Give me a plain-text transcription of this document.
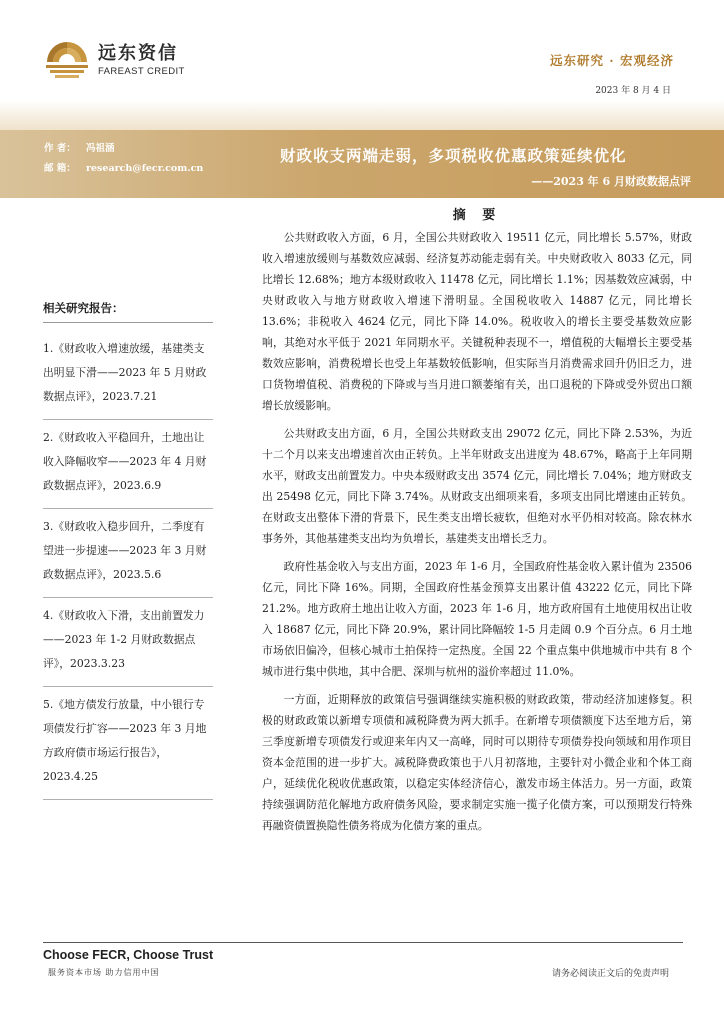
远东资信
FAREAST CREDIT
远东研究 · 宏观经济
2023 年 8 月 4 日
作 者： 冯祖涵
邮 箱： research@fecr.com.cn
财政收支两端走弱，多项税收优惠政策延续优化
——2023 年 6 月财政数据点评
相关研究报告：
1.《财政收入增速放缓，基建类支出明显下滑——2023 年 5 月财政数据点评》，2023.7.21
2.《财政收入平稳回升，土地出让收入降幅收窄——2023 年 4 月财政数据点评》，2023.6.9
3.《财政收入稳步回升，二季度有望进一步提速——2023 年 3 月财政数据点评》，2023.5.6
4.《财政收入下滑，支出前置发力——2023 年 1-2 月财政数据点评》，2023.3.23
5.《地方债发行放量，中小银行专项债发行扩容——2023 年 3 月地方政府债市场运行报告》，2023.4.25
摘 要

公共财政收入方面，6 月，全国公共财政收入 19511 亿元，同比增长 5.57%，财政收入增速放缓则与基数效应减弱、经济复苏动能走弱有关。中央财政收入 8033 亿元，同比增长 12.68%；地方本级财政收入 11478 亿元，同比增长 1.1%；因基数效应减弱，中央财政收入与地方财政收入增速下滑明显。全国税收收入 14887 亿元，同比增长 13.6%；非税收入 4624 亿元，同比下降 14.0%。税收收入的增长主要受基数效应影响，其绝对水平低于 2021 年同期水平。关键税种表现不一，增值税的大幅增长主要受基数效应影响，消费税增长也受上年基数较低影响，但实际当月消费需求回升仍旧乏力，进口货物增值税、消费税的下降或与当月进口额萎缩有关，出口退税的下降或受外贸出口额增长放缓影响。

公共财政支出方面，6 月，全国公共财政支出 29072 亿元，同比下降 2.53%，为近十二个月以来支出增速首次由正转负。上半年财政支出进度为 48.67%，略高于上年同期水平，财政支出前置发力。中央本级财政支出 3574 亿元，同比增长 7.04%；地方财政支出 25498 亿元，同比下降 3.74%。从财政支出细项来看，多项支出同比增速由正转负。在财政支出整体下滑的背景下，民生类支出增长疲软，但绝对水平仍相对较高。除农林水事务外，其他基建类支出均为负增长，基建类支出增长乏力。

政府性基金收入与支出方面，2023 年 1-6 月，全国政府性基金收入累计值为 23506 亿元，同比下降 16%。同期，全国政府性基金预算支出累计值 43222 亿元，同比下降 21.2%。地方政府土地出让收入方面，2023 年 1-6 月，地方政府国有土地使用权出让收入 18687 亿元，同比下降 20.9%，累计同比降幅较 1-5 月走阔 0.9 个百分点。6 月土地市场依旧偏冷，但核心城市土拍保持一定热度。全国 22 个重点集中供地城市中共有 8 个城市进行集中供地，其中合肥、深圳与杭州的溢价率超过 11.0%。

一方面，近期释放的政策信号强调继续实施积极的财政政策，带动经济加速修复。积极的财政政策以新增专项债和减税降费为两大抓手。在新增专项债额度下达至地方后，第三季度新增专项债发行或迎来年内又一高峰，同时可以期待专项债券投向领域和用作项目资本金范围的进一步扩大。减税降费政策也于八月初落地，主要针对小微企业和个体工商户，延续优化税收优惠政策，以稳定实体经济信心，激发市场主体活力。另一方面，政策持续强调防范化解地方政府债务风险，要求制定实施一揽子化债方案，可以预期发行特殊再融资债置换隐性债务将成为化债方案的重点。

Choose FECR, Choose Trust
服务资本市场 助力信用中国	请务必阅读正文后的免责声明
